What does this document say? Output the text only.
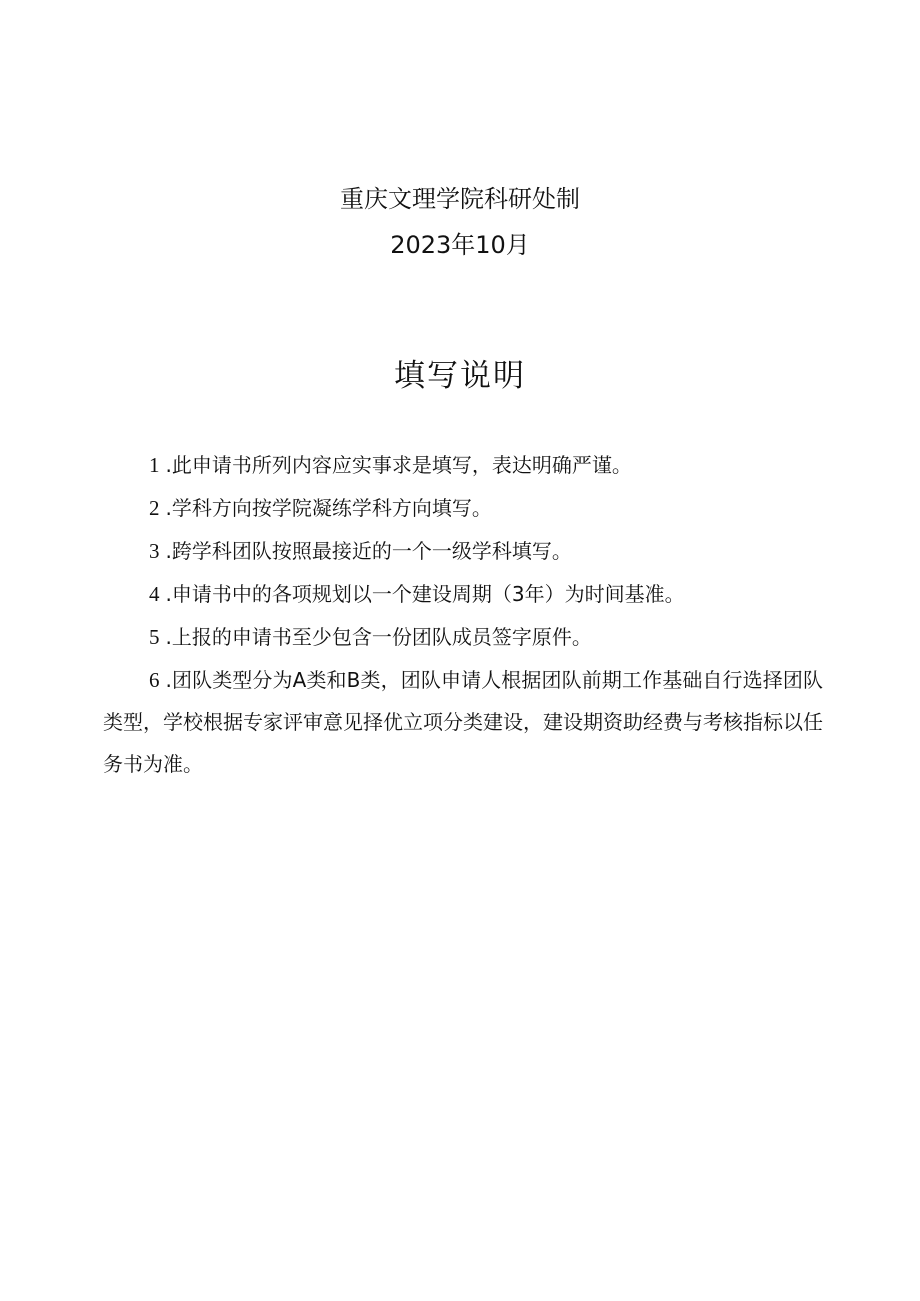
重庆文理学院科研处制
2023年10月
填写说明
1 .此申请书所列内容应实事求是填写，表达明确严谨。
2 .学科方向按学院凝练学科方向填写。
3 .跨学科团队按照最接近的一个一级学科填写。
4 .申请书中的各项规划以一个建设周期（3年）为时间基准。
5 .上报的申请书至少包含一份团队成员签字原件。
6 .团队类型分为A类和B类，团队申请人根据团队前期工作基础自行选择团队类型，学校根据专家评审意见择优立项分类建设，建设期资助经费与考核指标以任务书为准。
